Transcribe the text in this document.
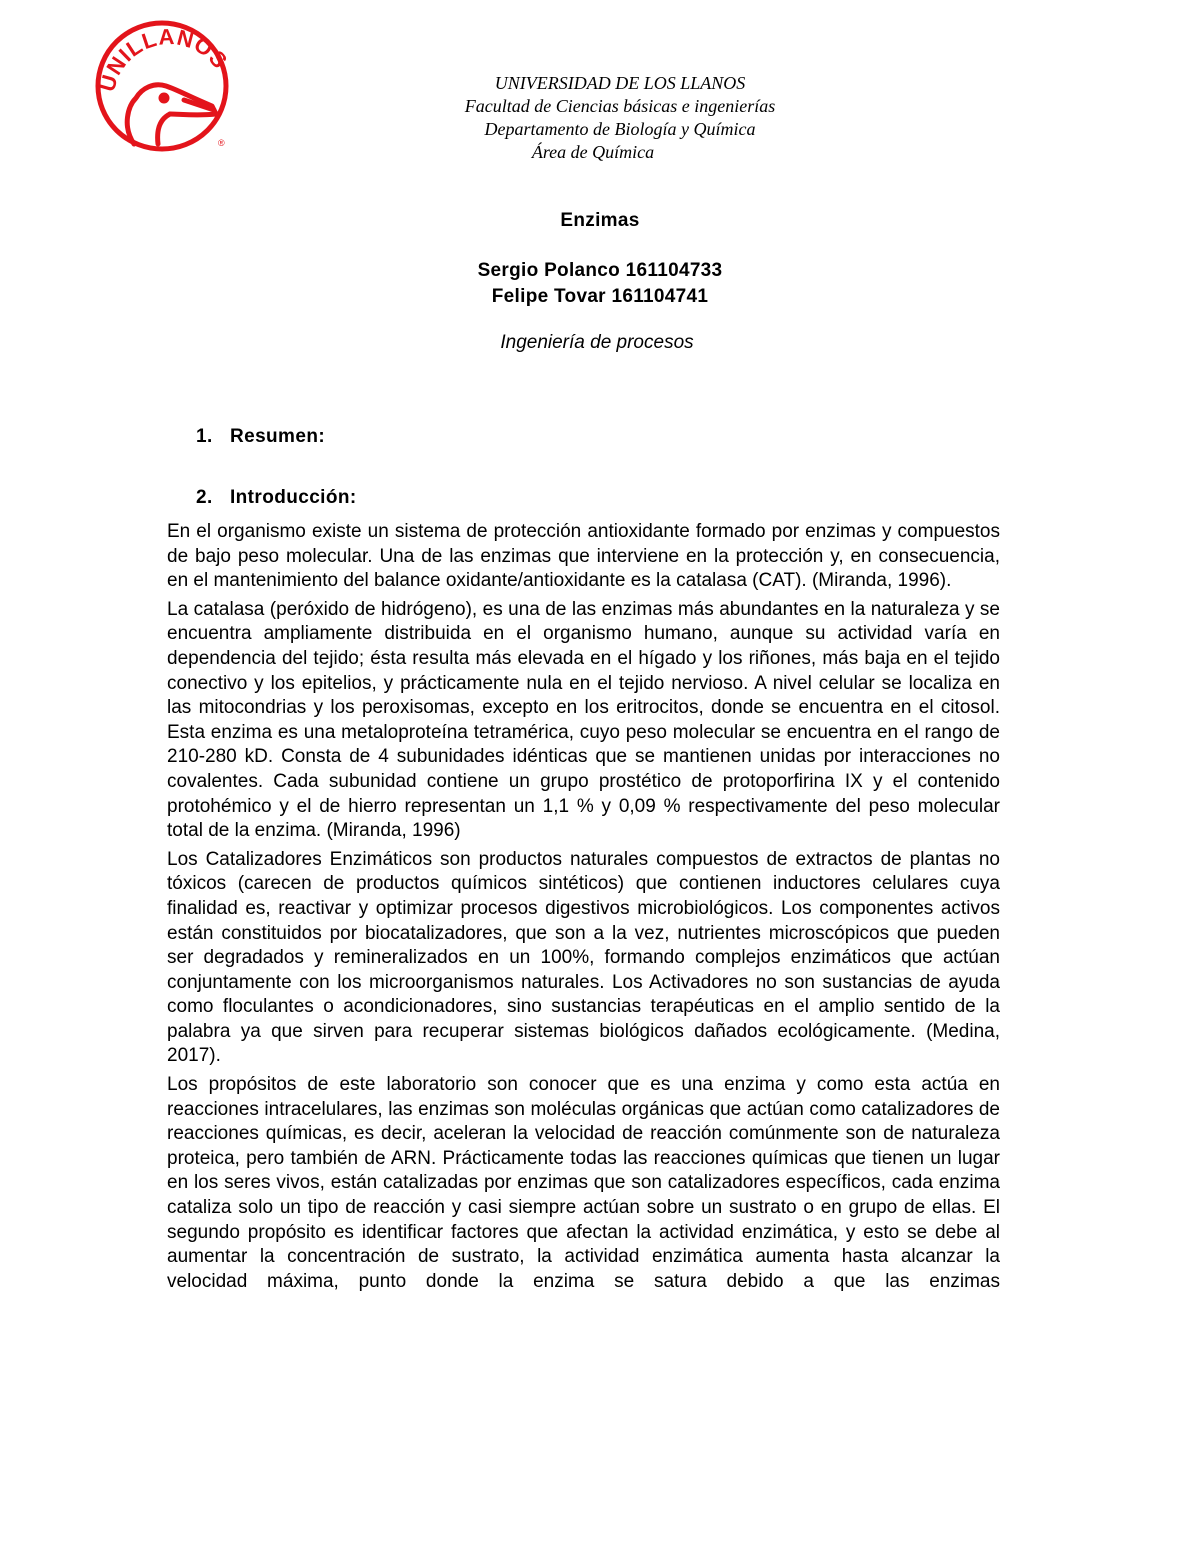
UNILLANOS
®
UNIVERSIDAD DE LOS LLANOS
Facultad de Ciencias básicas e ingenierías
Departamento de Biología y Química
Área de Química
Enzimas
Sergio Polanco 161104733
Felipe Tovar 161104741
Ingeniería de procesos
1. Resumen:
2. Introducción:

En el organismo existe un sistema de protección antioxidante formado por enzimas y compuestos de bajo peso molecular. Una de las enzimas que interviene en la protección y, en consecuencia, en el mantenimiento del balance oxidante/antioxidante es la catalasa (CAT). (Miranda, 1996).

La catalasa (peróxido de hidrógeno), es una de las enzimas más abundantes en la naturaleza y se encuentra ampliamente distribuida en el organismo humano, aunque su actividad varía en dependencia del tejido; ésta resulta más elevada en el hígado y los riñones, más baja en el tejido conectivo y los epitelios, y prácticamente nula en el tejido nervioso. A nivel celular se localiza en las mitocondrias y los peroxisomas, excepto en los eritrocitos, donde se encuentra en el citosol. Esta enzima es una metaloproteína tetramérica, cuyo peso molecular se encuentra en el rango de 210-280 kD. Consta de 4 subunidades idénticas que se mantienen unidas por interacciones no covalentes. Cada subunidad contiene un grupo prostético de protoporfirina IX y el contenido protohémico y el de hierro representan un 1,1 % y 0,09 % respectivamente del peso molecular total de la enzima. (Miranda, 1996)

Los Catalizadores Enzimáticos son productos naturales compuestos de extractos de plantas no tóxicos (carecen de productos químicos sintéticos) que contienen inductores celulares cuya finalidad es, reactivar y optimizar procesos digestivos microbiológicos. Los componentes activos están constituidos por biocatalizadores, que son a la vez, nutrientes microscópicos que pueden ser degradados y remineralizados en un 100%, formando complejos enzimáticos que actúan conjuntamente con los microorganismos naturales. Los Activadores no son sustancias de ayuda como floculantes o acondicionadores, sino sustancias terapéuticas en el amplio sentido de la palabra ya que sirven para recuperar sistemas biológicos dañados ecológicamente. (Medina, 2017).

Los propósitos de este laboratorio son conocer que es una enzima y como esta actúa en reacciones intracelulares, las enzimas son moléculas orgánicas que actúan como catalizadores de reacciones químicas, es decir, aceleran la velocidad de reacción comúnmente son de naturaleza proteica, pero también de ARN. Prácticamente todas las reacciones químicas que tienen un lugar en los seres vivos, están catalizadas por enzimas que son catalizadores específicos, cada enzima cataliza solo un tipo de reacción y casi siempre actúan sobre un sustrato o en grupo de ellas. El segundo propósito es identificar factores que afectan la actividad enzimática, y esto se debe al aumentar la concentración de sustrato, la actividad enzimática aumenta hasta alcanzar la velocidad máxima, punto donde la enzima se satura debido a que las enzimas
